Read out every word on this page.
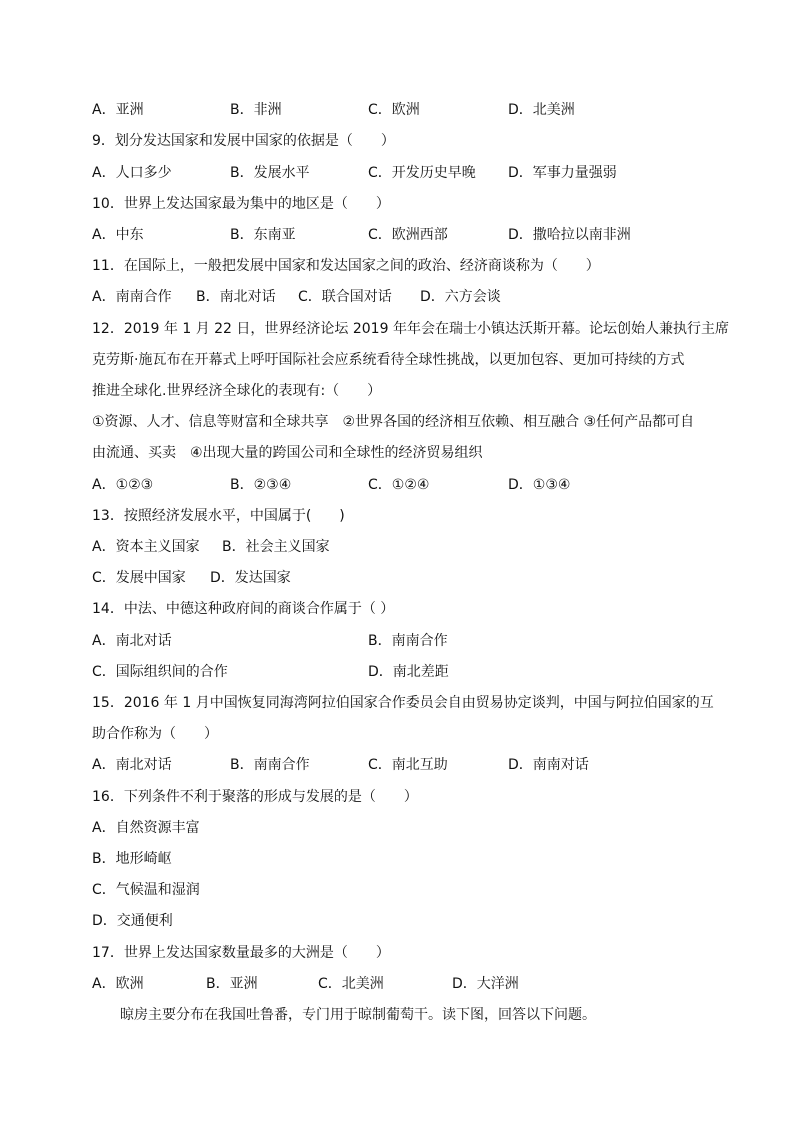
A．亚洲	B．非洲	C．欧洲	D．北美洲
9．划分发达国家和发展中国家的依据是（　　）
A．人口多少	B．发展水平	C．开发历史早晚 D．军事力量强弱
10．世界上发达国家最为集中的地区是（　　）
A．中东	B．东南亚	C．欧洲西部	D．撒哈拉以南非洲
11．在国际上，一般把发展中国家和发达国家之间的政治、经济商谈称为（　　）
A．南南合作 B．南北对话 C．联合国对话 D．六方会谈
12．2019 年 1 月 22 日，世界经济论坛 2019 年年会在瑞士小镇达沃斯开幕。论坛创始人兼执行主席
克劳斯·施瓦布在开幕式上呼吁国际社会应系统看待全球性挑战，以更加包容、更加可持续的方式
推进全球化.世界经济全球化的表现有:（　　）
①资源、人才、信息等财富和全球共享　②世界各国的经济相互依赖、相互融合 ③任何产品都可自
由流通、买卖　④出现大量的跨国公司和全球性的经济贸易组织
A．①②③	B．②③④	C．①②④	D．①③④
13．按照经济发展水平，中国属于(　　)
A．资本主义国家 B．社会主义国家
C．发展中国家 D．发达国家
14．中法、中德这种政府间的商谈合作属于（ ）
A．南北对话	B．南南合作
C．国际组织间的合作	D．南北差距
15．2016 年 1 月中国恢复同海湾阿拉伯国家合作委员会自由贸易协定谈判，中国与阿拉伯国家的互
助合作称为（　　）
A．南北对话	B．南南合作	C．南北互助	D．南南对话
16．下列条件不利于聚落的形成与发展的是（　　）
A．自然资源丰富
B．地形崎岖
C．气候温和湿润
D．交通便利
17．世界上发达国家数量最多的大洲是（　　）
A．欧洲	B．亚洲	C．北美洲	D．大洋洲
晾房主要分布在我国吐鲁番，专门用于晾制葡萄干。读下图，回答以下问题。
